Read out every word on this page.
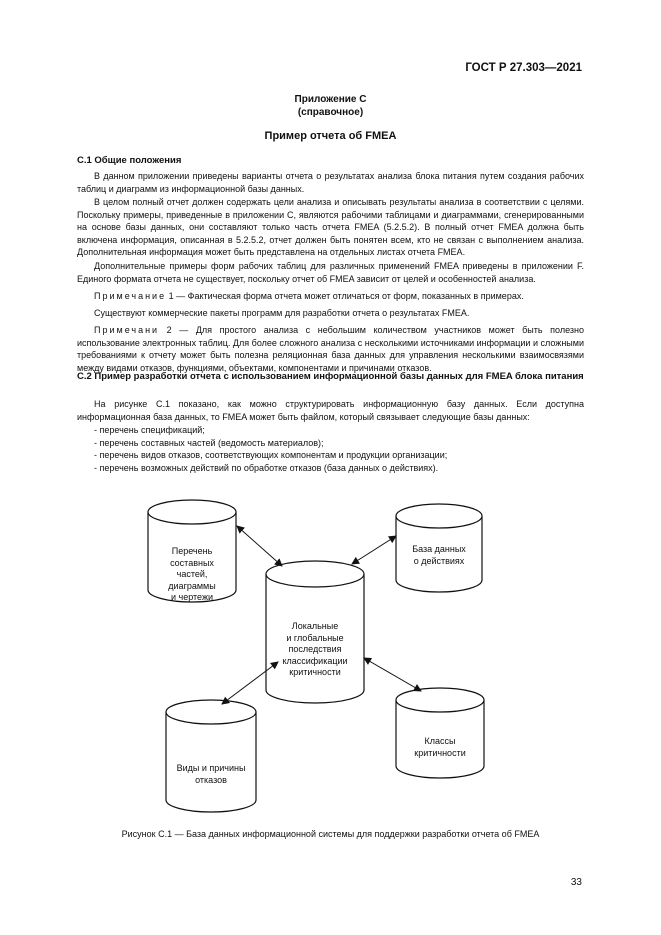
ГОСТ Р 27.303—2021
Приложение С
(справочное)
Пример отчета об FMEA
С.1 Общие положения
В данном приложении приведены варианты отчета о результатах анализа блока питания путем создания рабочих таблиц и диаграмм из информационной базы данных.
В целом полный отчет должен содержать цели анализа и описывать результаты анализа в соответствии с целями. Поскольку примеры, приведенные в приложении С, являются рабочими таблицами и диаграммами, сгенерированными на основе базы данных, они составляют только часть отчета FMEA (5.2.5.2). В полный отчет FMEA должна быть включена информация, описанная в 5.2.5.2, отчет должен быть понятен всем, кто не связан с выполнением анализа. Дополнительная информация может быть представлена на отдельных листах отчета FMEA.
Дополнительные примеры форм рабочих таблиц для различных применений FMEA приведены в приложении F. Единого формата отчета не существует, поскольку отчет об FMEA зависит от целей и особенностей анализа.
Примечание 1 — Фактическая форма отчета может отличаться от форм, показанных в примерах.
Существуют коммерческие пакеты программ для разработки отчета о результатах FMEA.
Примечани 2 — Для простого анализа с небольшим количеством участников может быть полезно использование электронных таблиц. Для более сложного анализа с несколькими источниками информации и сложными требованиями к отчету может быть полезна реляционная база данных для управления несколькими взаимосвязями между видами отказов, функциями, объектами, компонентами и причинами отказов.
С.2 Пример разработки отчета с использованием информационной базы данных для FMEA блока питания
На рисунке С.1 показано, как можно структурировать информационную базу данных. Если доступна информационная база данных, то FMEA может быть файлом, который связывает следующие базы данных:
- перечень спецификаций;
- перечень составных частей (ведомость материалов);
- перечень видов отказов, соответствующих компонентам и продукции организации;
- перечень возможных действий по обработке отказов (база данных о действиях).
Перечень
составных
частей,
диаграммы
и чертежи
База данных
о действиях
Локальные
и глобальные
последствия
классификации
критичности
Виды и причины
отказов
Классы
критичности
Рисунок С.1 — База данных информационной системы для поддержки разработки отчета об FMEA
33
